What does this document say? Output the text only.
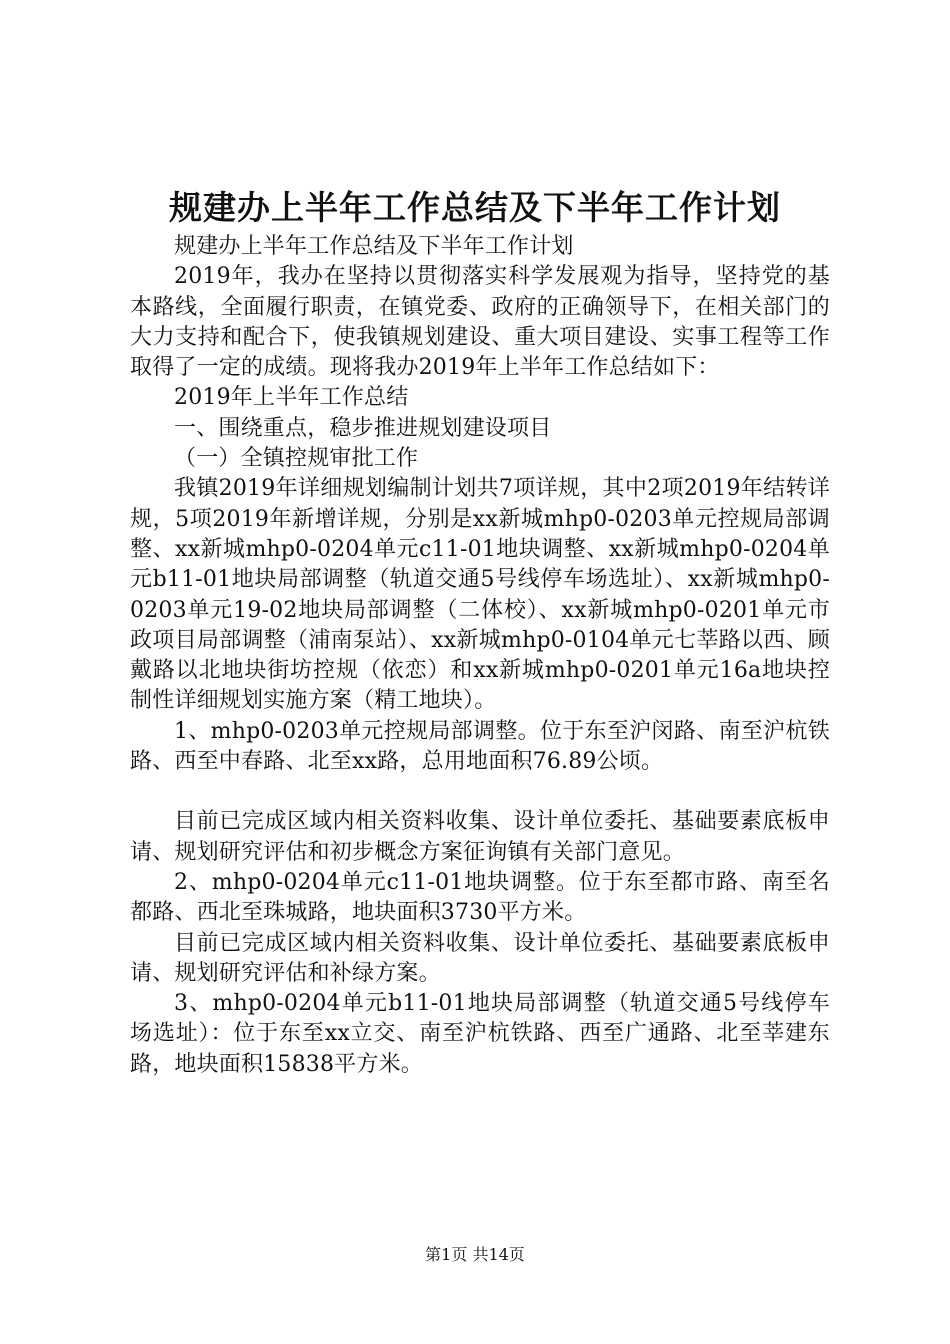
规建办上半年工作总结及下半年工作计划

规建办上半年工作总结及下半年工作计划

2019年，我办在坚持以贯彻落实科学发展观为指导，坚持党的基本路线，全面履行职责，在镇党委、政府的正确领导下，在相关部门的大力支持和配合下，使我镇规划建设、重大项目建设、实事工程等工作取得了一定的成绩。现将我办2019年上半年工作总结如下：

2019年上半年工作总结

一、围绕重点，稳步推进规划建设项目

（一）全镇控规审批工作

我镇2019年详细规划编制计划共7项详规，其中2项2019年结转详规，5项2019年新增详规，分别是xx新城mhp0-0203单元控规局部调整、xx新城mhp0-0204单元c11-01地块调整、xx新城mhp0-0204单元b11-01地块局部调整（轨道交通5号线停车场选址）、xx新城mhp0-0203单元19-02地块局部调整（二体校）、xx新城mhp0-0201单元市政项目局部调整（浦南泵站）、xx新城mhp0-0104单元七莘路以西、顾戴路以北地块街坊控规（依恋）和xx新城mhp0-0201单元16a地块控制性详细规划实施方案（精工地块）。

1、mhp0-0203单元控规局部调整。位于东至沪闵路、南至沪杭铁路、西至中春路、北至xx路，总用地面积76.89公顷。

目前已完成区域内相关资料收集、设计单位委托、基础要素底板申请、规划研究评估和初步概念方案征询镇有关部门意见。

2、mhp0-0204单元c11-01地块调整。位于东至都市路、南至名都路、西北至珠城路，地块面积3730平方米。

目前已完成区域内相关资料收集、设计单位委托、基础要素底板申请、规划研究评估和补绿方案。

3、mhp0-0204单元b11-01地块局部调整（轨道交通5号线停车场选址）：位于东至xx立交、南至沪杭铁路、西至广通路、北至莘建东路，地块面积15838平方米。

第1页 共14页
